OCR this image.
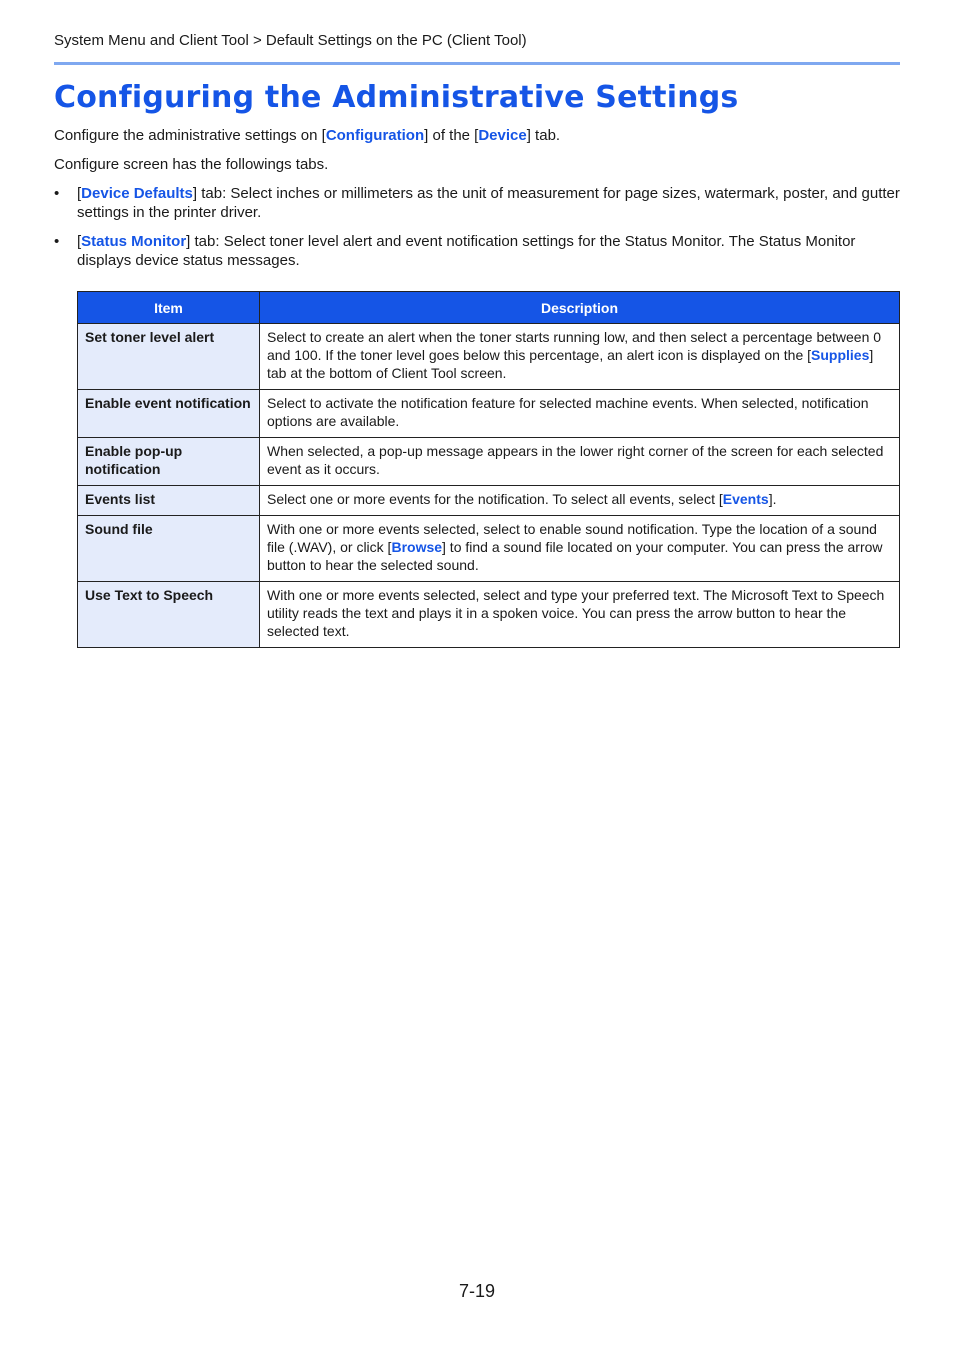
System Menu and Client Tool > Default Settings on the PC (Client Tool)
Configuring the Administrative Settings

Configure the administrative settings on [Configuration] of the [Device] tab.

Configure screen has the followings tabs.

• [Device Defaults] tab: Select inches or millimeters as the unit of measurement for page sizes, watermark, poster, and gutter settings in the printer driver.
• [Status Monitor] tab: Select toner level alert and event notification settings for the Status Monitor. The Status Monitor displays device status messages.
Item	Description
Set toner level alert	Select to create an alert when the toner starts running low, and then select a percentage between 0 and 100. If the toner level goes below this percentage, an alert icon is displayed on the [Supplies] tab at the bottom of Client Tool screen.
Enable event notification	Select to activate the notification feature for selected machine events. When selected, notification options are available.
Enable pop-up notification	When selected, a pop-up message appears in the lower right corner of the screen for each selected event as it occurs.
Events list	Select one or more events for the notification. To select all events, select [Events].
Sound file	With one or more events selected, select to enable sound notification. Type the location of a sound file (.WAV), or click [Browse] to find a sound file located on your computer. You can press the arrow button to hear the selected sound.
Use Text to Speech	With one or more events selected, select and type your preferred text. The Microsoft Text to Speech utility reads the text and plays it in a spoken voice. You can press the arrow button to hear the selected text.
7-19
